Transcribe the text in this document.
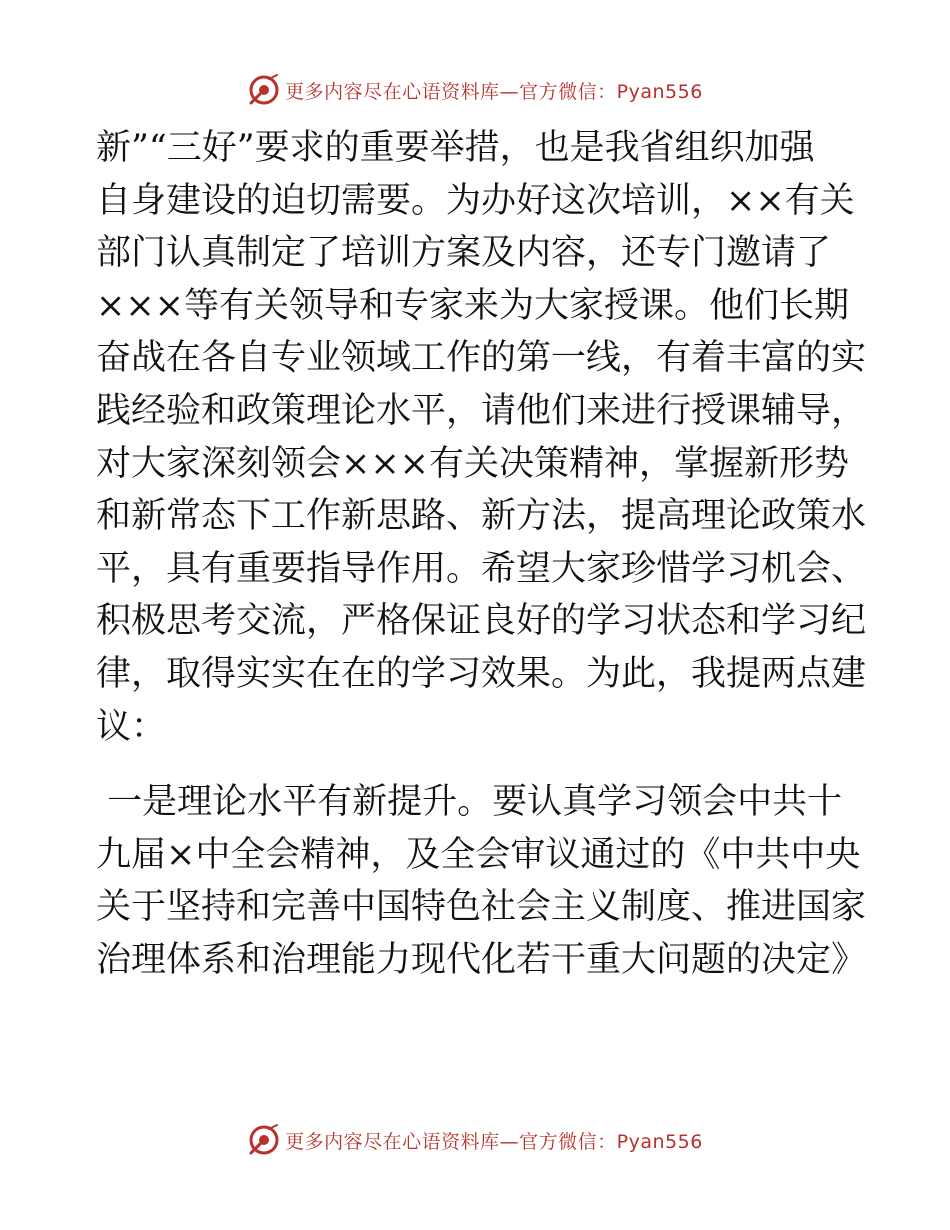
更多内容尽在心语资料库—官方微信：Pyan556
新”“三好”要求的重要举措，也是我省组织加强
自身建设的迫切需要。为办好这次培训，××有关
部门认真制定了培训方案及内容，还专门邀请了
×××等有关领导和专家来为大家授课。他们长期
奋战在各自专业领域工作的第一线，有着丰富的实
践经验和政策理论水平，请他们来进行授课辅导，
对大家深刻领会×××有关决策精神，掌握新形势
和新常态下工作新思路、新方法，提高理论政策水
平，具有重要指导作用。希望大家珍惜学习机会、
积极思考交流，严格保证良好的学习状态和学习纪
律，取得实实在在的学习效果。为此，我提两点建
议：
一是理论水平有新提升。要认真学习领会中共十
九届×中全会精神，及全会审议通过的《中共中央
关于坚持和完善中国特色社会主义制度、推进国家
治理体系和治理能力现代化若干重大问题的决定》
更多内容尽在心语资料库—官方微信：Pyan556
